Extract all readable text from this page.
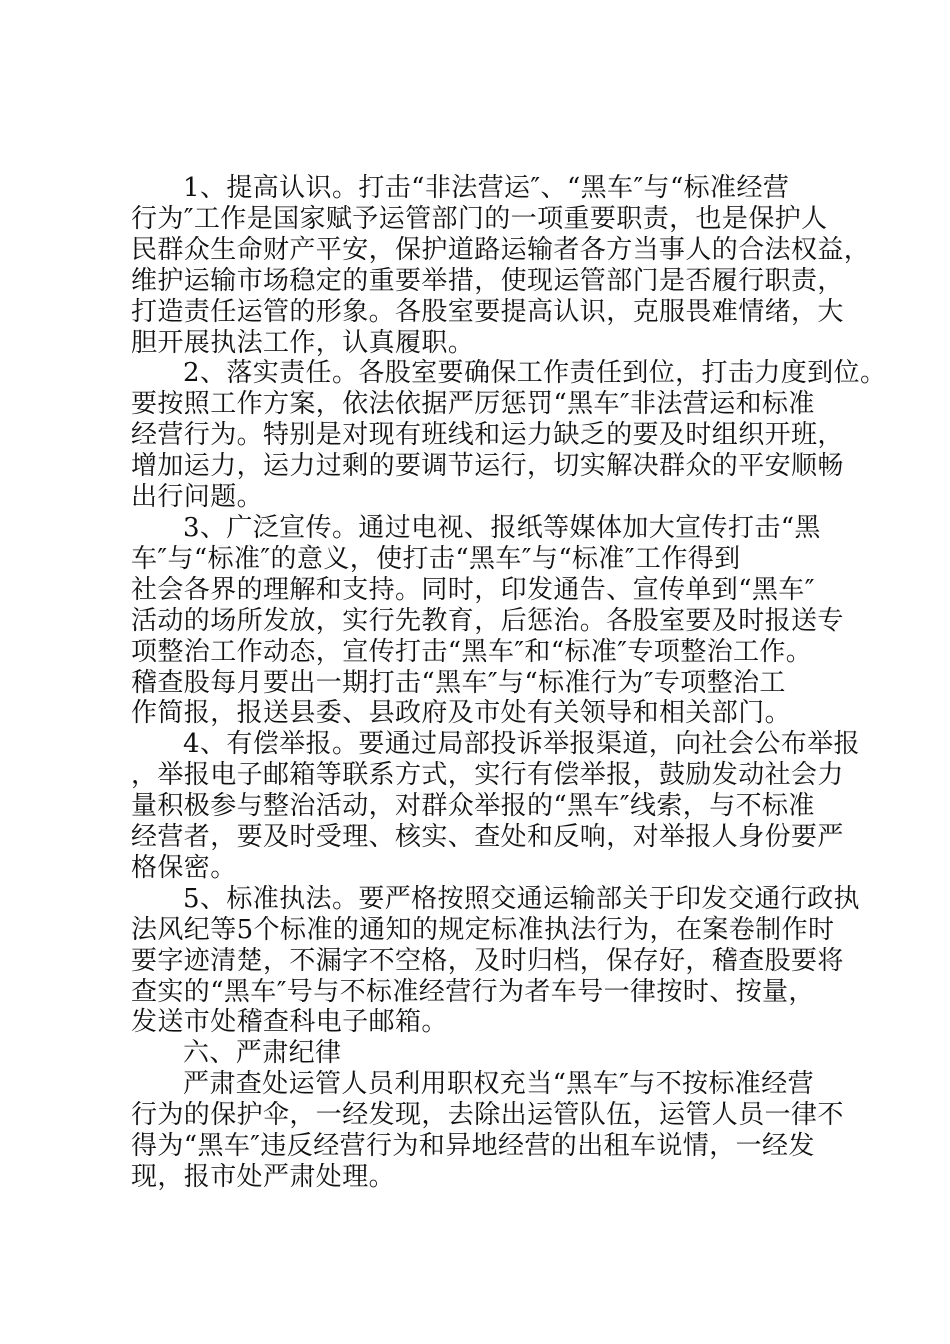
1、提高认识。打击“非法营运″、“黑车″与“标准经营
行为″工作是国家赋予运管部门的一项重要职责，也是保护人
民群众生命财产平安，保护道路运输者各方当事人的合法权益，
维护运输市场稳定的重要举措，使现运管部门是否履行职责，
打造责任运管的形象。各股室要提高认识，克服畏难情绪，大
胆开展执法工作，认真履职。
2、落实责任。各股室要确保工作责任到位，打击力度到位。
要按照工作方案，依法依据严厉惩罚“黑车″非法营运和标准
经营行为。特别是对现有班线和运力缺乏的要及时组织开班，
增加运力，运力过剩的要调节运行，切实解决群众的平安顺畅
出行问题。
3、广泛宣传。通过电视、报纸等媒体加大宣传打击“黑
车″与“标准″的意义，使打击“黑车″与“标准″工作得到
社会各界的理解和支持。同时，印发通告、宣传单到“黑车″
活动的场所发放，实行先教育，后惩治。各股室要及时报送专
项整治工作动态，宣传打击“黑车″和“标准″专项整治工作。
稽查股每月要出一期打击“黑车″与“标准行为″专项整治工
作简报，报送县委、县政府及市处有关领导和相关部门。
4、有偿举报。要通过局部投诉举报渠道，向社会公布举报
，举报电子邮箱等联系方式，实行有偿举报，鼓励发动社会力
量积极参与整治活动，对群众举报的“黑车″线索，与不标准
经营者，要及时受理、核实、查处和反响，对举报人身份要严
格保密。
5、标准执法。要严格按照交通运输部关于印发交通行政执
法风纪等5个标准的通知的规定标准执法行为，在案卷制作时
要字迹清楚，不漏字不空格，及时归档，保存好，稽查股要将
查实的“黑车″号与不标准经营行为者车号一律按时、按量，
发送市处稽查科电子邮箱。
六、严肃纪律
严肃查处运管人员利用职权充当“黑车″与不按标准经营
行为的保护伞，一经发现，去除出运管队伍，运管人员一律不
得为“黑车″违反经营行为和异地经营的出租车说情，一经发
现，报市处严肃处理。
